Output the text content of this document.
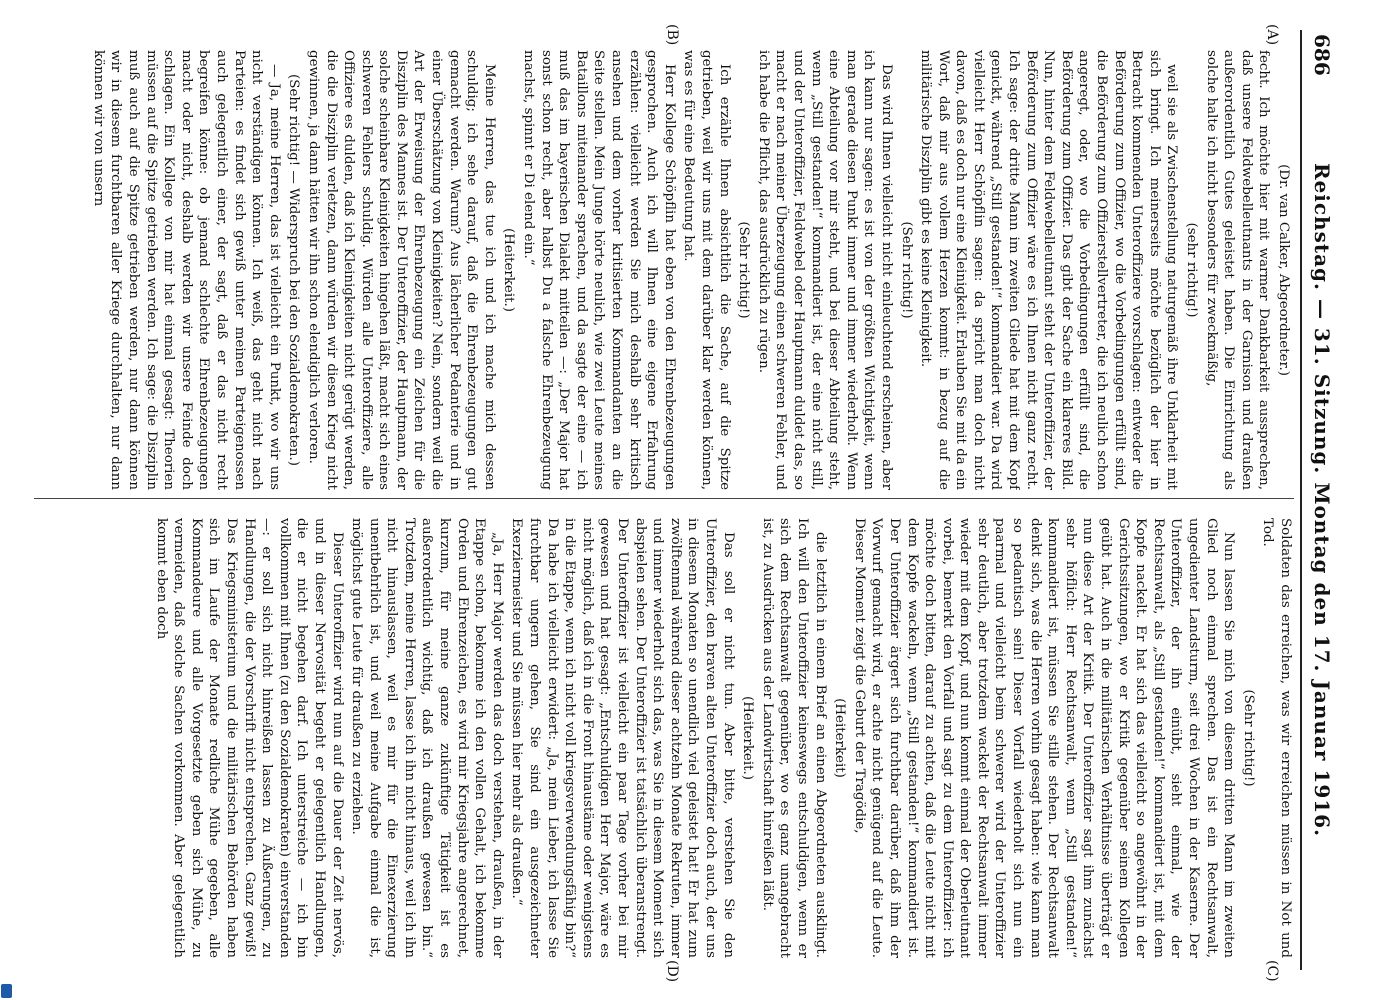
686
Reichstag. — 31. Sitzung. Montag den 17. Januar 1916.
(A)
(B)
(C)
(D)

(Dr. van Calker, Abgeordneter.)

fecht. Ich möchte hier mit warmer Dankbarkeit aussprechen, daß unsere Feldwebelleutnants in der Garnison und draußen außerordentlich Gutes geleistet haben. Die Einrichtung als solche halte ich nicht besonders für zweckmäßig,

(sehr richtig!)

weil sie als Zwischenstellung naturgemäß ihre Unklarheit mit sich bringt. Ich meinerseits möchte bezüglich der hier in Betracht kommenden Unteroffiziere vorschlagen: entweder die Beförderung zum Offizier, wo die Vorbedingungen erfüllt sind, die Beförderung zum Offizierstellvertreter, die ich neulich schon angeregt, oder, wo die Vorbedingungen erfüllt sind, die Beförderung zum Offizier. Das gibt der Sache ein klareres Bild. Nun, hinter dem Feldwebelleutnant steht der Unteroffizier, der Beförderung zum Offizier wäre es ich Ihnen nicht ganz recht. Ich sage: der dritte Mann im zweiten Gliede hat mit dem Kopf genickt, während „Still gestanden!“ kommandiert war. Da wird vielleicht Herr Schöpflin sagen: da spricht man doch nicht davon, daß es doch nur eine Kleinigkeit. Erlauben Sie mit da ein Wort, daß mir aus vollem Herzen kommt: in bezug auf die militärische Disziplin gibt es keine Kleinigkeit.

(Sehr richtig!)

Das wird Ihnen vielleicht nicht einleuchtend erscheinen, aber ich kann nur sagen: es ist von der größten Wichtigkeit, wenn man gerade diesen Punkt immer und immer wiederholt. Wenn eine Abteilung vor mir steht, und bei dieser Abteilung steht, wenn „Still gestanden!“ kommandiert ist, der eine nicht still, und der Unteroffizier, Feldwebel oder Hauptmann duldet das, so macht er nach meiner Überzeugung einen schweren Fehler, und ich habe die Pflicht, das ausdrücklich zu rügen.

(Sehr richtig!)

Ich erzähle Ihnen absichtlich die Sache, auf die Spitze getrieben, weil wir uns mit dem darüber klar werden können, was es für eine Bedeutung hat.

Herr Kollege Schöpflin hat eben von den Ehrenbezeugungen gesprochen. Auch ich will Ihnen eine eigene Erfahrung erzählen: vielleicht werden Sie mich deshalb sehr kritisch ansehen und dem vorher kritisierten Kommandanten an die Seite stellen. Mein Junge hörte neulich, wie zwei Leute meines Bataillons miteinander sprachen, und da sagte der eine — ich muß das im bayerischen Dialekt mitteilen —: „Der Major hat sonst schon recht, aber halbst Du a falsche Ehrenbezeugung machst, spinnt er Di elend ein.“

(Heiterkeit.)

Meine Herren, das tue ich und ich mache mich dessen schuldig; ich sehe darauf, daß die Ehrenbezeugungen gut gemacht werden. Warum? Aus lächerlicher Pedanterie und in einer Überschätzung von Kleinigkeiten? Nein, sondern weil die Art der Erweisung der Ehrenbezeugung ein Zeichen für die Disziplin des Mannes ist. Der Unteroffizier, der Hauptmann, der solche scheinbare Kleinigkeiten hingehen läßt, macht sich eines schweren Fehlers schuldig. Würden alle Unteroffiziere, alle Offiziere es dulden, daß ich Kleinigkeiten nicht gerügt werden, die die Disziplin verletzen, dann würden wir diesen Krieg nicht gewinnen, ja dann hätten wir ihn schon elendiglich verloren.

(Sehr richtig! — Widerspruch bei den Sozialdemokraten.)

— Ja, meine Herren, das ist vielleicht ein Punkt, wo wir uns nicht verständigen können. Ich weiß, das geht nicht nach Parteien: es findet sich gewiß unter meinen Parteigenossen auch gelegentlich einer, der sagt, daß er das nicht recht begreifen könne: ob jemand schlechte Ehrenbezeugungen macht oder nicht, deshalb werden wir unsere Feinde doch schlagen. Ein Kollege von mir hat einmal gesagt: Theorien müssen auf die Spitze getrieben werden. Ich sage: die Disziplin muß auch auf die Spitze getrieben werden, nur dann können wir in diesem furchtbaren aller Kriege durchhalten, nur dann können wir von unsern

Soldaten das erreichen, was wir erreichen müssen in Not und Tod.

(Sehr richtig!)

Nun lassen Sie mich von diesem dritten Mann im zweiten Glied noch einmal sprechen. Das ist ein Rechtsanwalt, ungedienter Landsturm, seit drei Wochen in der Kaserne. Der Unteroffizier, der ihn einübt, sieht einmal, wie der Rechtsanwalt, als „Still gestanden!“ kommandiert ist, mit dem Kopfe nackelt. Er hat sich das vielleicht so angewöhnt in der Gerichtssitzungen, wo er Kritik gegenüber seinem Kollegen geübt hat. Auch in die militärischen Verhältnisse überträgt er nun diese Art der Kritik. Der Unteroffizier sagt ihm zunächst sehr höflich: Herr Rechtsanwalt, wenn „Still gestanden!“ kommandiert ist, müssen Sie stille stehen. Der Rechtsanwalt denkt sich, was die Herren vorhin gesagt haben: wie kann man so pedantisch sein! Dieser Vorfall wiederholt sich nun ein paarmal und vielleicht beim schwerer wird der Unteroffizier sehr deutlich, aber trotzdem wackelt der Rechtsanwalt immer wieder mit dem Kopf, und nun kommt einmal der Oberleutnant vorbei, bemerkt den Vorfall und sagt zu dem Unteroffizier: ich möchte doch bitten, darauf zu achten, daß die Leute nicht mit dem Kopfe wackeln, wenn „Still gestanden!“ kommandiert ist. Der Unteroffizier ärgert sich furchtbar darüber, daß ihm der Vorwurf gemacht wird, er achte nicht genügend auf die Leute. Dieser Moment zeigt die Geburt der Tragödie,

(Heiterkeit)

die letztlich in einem Brief an einen Abgeordneten ausklingt. Ich will den Unteroffizier keineswegs entschuldigen, wenn er sich dem Rechtsanwalt gegenüber, wo es ganz unangebracht ist, zu Ausdrücken aus der Landwirtschaft hinreißen läßt.

(Heiterkeit.)

Das soll er nicht tun. Aber bitte, verstehen Sie den Unteroffizier, den braven alten Unteroffizier doch auch, der uns in diesem Monaten so unendlich viel geleistet hat! Er hat zum zwölftenmal während dieser achtzehn Monate Rekruten, immer und immer wiederholt sich das, was Sie in diesem Moment sich abspielen sehen. Der Unteroffizier ist tatsächlich überanstrengt. Der Unteroffizier ist vielleicht ein paar Tage vorher bei mir gewesen und hat gesagt: „Entschuldigen Herr Major, wäre es nicht möglich, daß ich in die Front hinaustäme oder wenigstens in die Etappe, wenn ich nicht voll kriegsverwendungsfähig bin?“ Da habe ich vielleicht erwidert: „Ja, mein Lieber, ich lasse Sie furchtbar ungern gehen, Sie sind ein ausgezeichneter Exerziermeister und Sie müssen hier mehr als draußen.“

„Ja, Herr Major werden das doch verstehen, draußen, in der Etappe schon, bekomme ich den vollen Gehalt, ich bekomme Orden und Ehrenzeichen, es wird mir Kriegsjahre angerechnet, kurzum, für meine ganze zukünftige Tätigkeit ist es außerordentlich wichtig, daß ich draußen gewesen bin.“ Trotzdem, meine Herren, lasse ich ihn nicht hinaus, weil ich ihn nicht hinauslassen, weil es mir für die Einexerzierung unentbehrlich ist, und weil meine Aufgabe einmal die ist, möglichst gute Leute für draußen zu erziehen.

Dieser Unteroffizier wird nun auf die Dauer der Zeit nervös, und in dieser Nervosität begeht er gelegentlich Handlungen, die er nicht begehen darf. Ich unterstreiche — ich bin vollkommen mit Ihnen (zu den Sozialdemokraten) einverstanden —: er soll sich nicht hinreißen lassen zu Äußerungen, zu Handlungen, die der Vorschrift nicht entsprechen. Ganz gewiß! Das Kriegsministerium und die militärischen Behörden haben sich im Laufe der Monate redliche Mühe gegeben, alle Kommandeure und alle Vorgesetzte geben sich Mühe, zu vermeiden, daß solche Sachen vorkommen. Aber gelegentlich kommt eben doch
